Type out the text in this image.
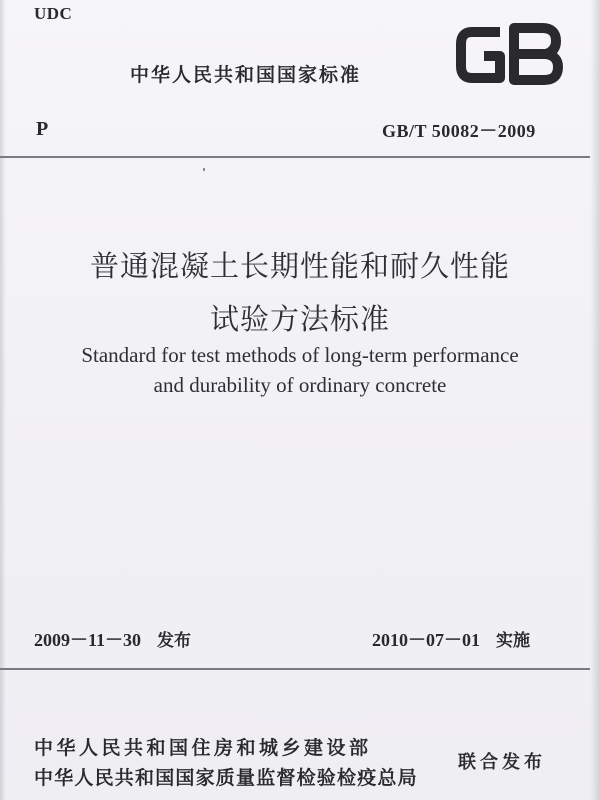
UDC
中华人民共和国国家标准
P	GB/T 50082－2009
普通混凝土长期性能和耐久性能
试验方法标准
Standard for test methods of long-term performance
and durability of ordinary concrete
2009－11－30 发布	2010－07－01 实施
中华人民共和国住房和城乡建设部
中华人民共和国国家质量监督检验检疫总局
联合发布
